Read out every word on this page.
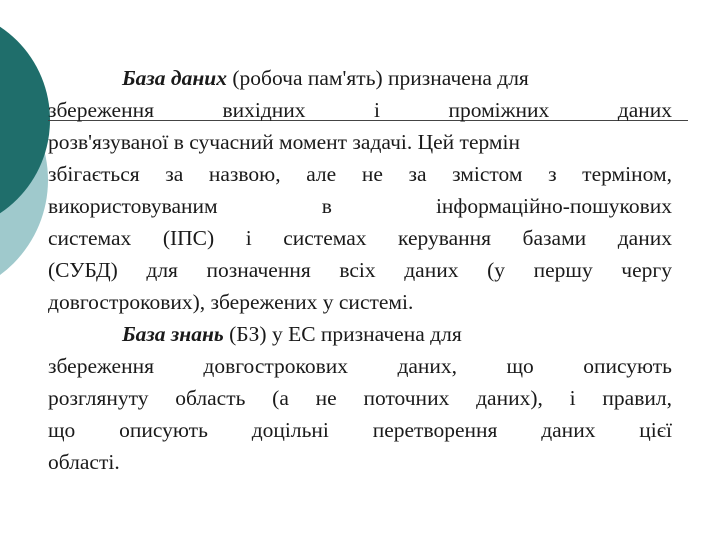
База даних (робоча пам'ять) призначена для
збереження	вихідних	і	проміжних	даних
розв'язуваної в сучасний момент задачі. Цей термін
збігається за назвою, але не за змістом з терміном,
використовуваним	в	інформаційно-пошукових
системах (ІПС) і системах керування базами даних
(СУБД) для позначення всіх даних (у першу чергу
довгострокових), збережених у системі.
База знань (БЗ) у ЕС призначена для
збереження довгострокових даних, що описують
розглянуту область (а не поточних даних), і правил,
що описують доцільні перетворення даних цієї
області.
